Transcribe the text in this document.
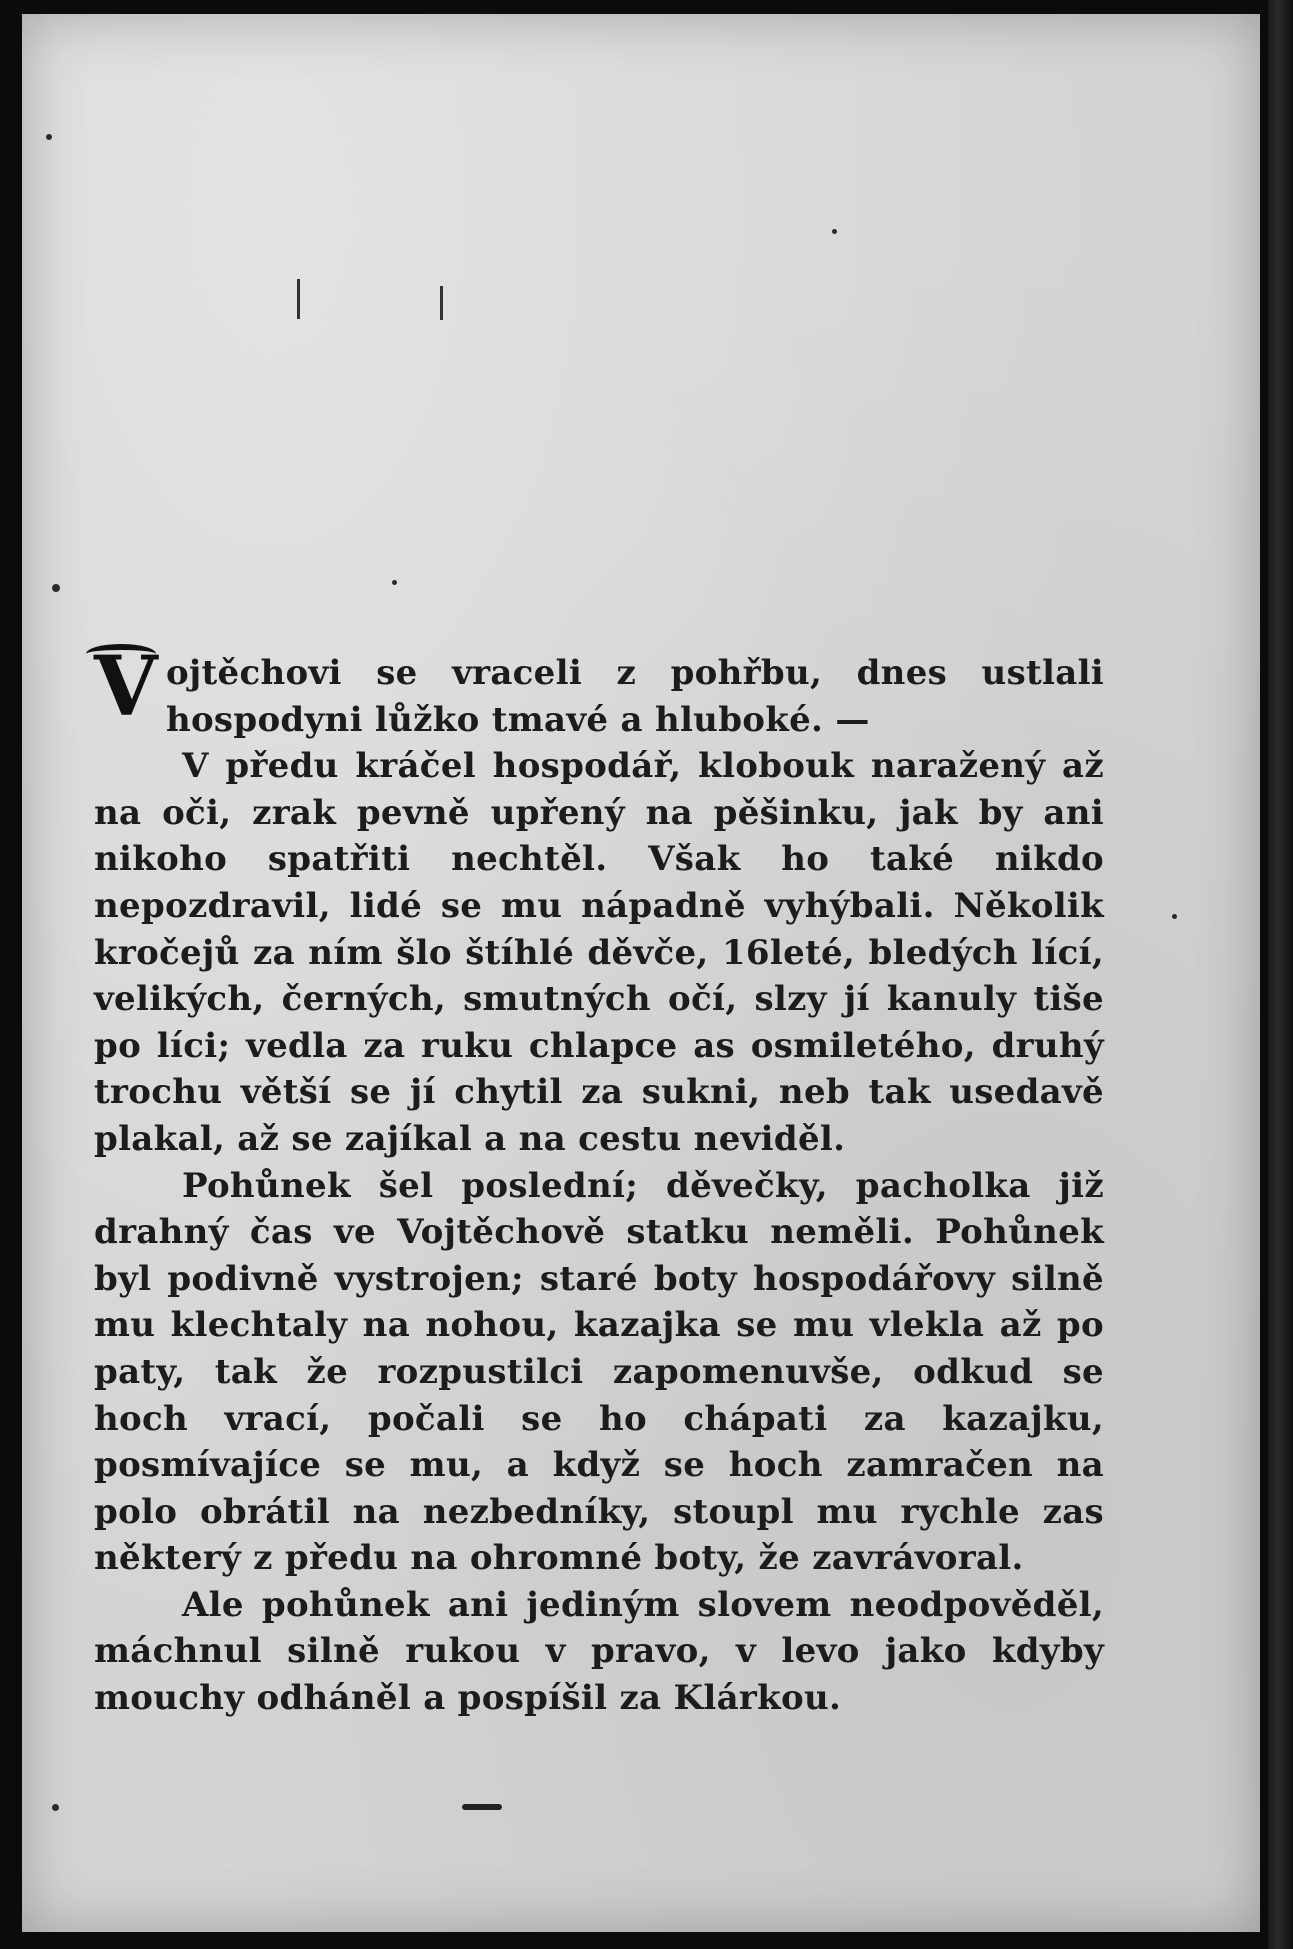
V ojtěchovi se vraceli z pohřbu, dnes ustlali hospodyni lůžko tmavé a hluboké. —

V předu kráčel hospodář, klobouk naražený až na oči, zrak pevně upřený na pěšinku, jak by ani nikoho spatřiti nechtěl. Však ho také nikdo nepozdravil, lidé se mu nápadně vyhýbali. Několik kročejů za ním šlo štíhlé děvče, 16leté, bledých lící, velikých, černých, smutných očí, slzy jí kanuly tiše po líci; vedla za ruku chlapce as osmiletého, druhý trochu větší se jí chytil za sukni, neb tak usedavě plakal, až se zajíkal a na cestu neviděl.

Pohůnek šel poslední; děvečky, pacholka již drahný čas ve Vojtěchově statku neměli. Pohůnek byl podivně vystrojen; staré boty hospodářovy silně mu klechtaly na nohou, kazajka se mu vlekla až po paty, tak že rozpustilci zapomenuvše, odkud se hoch vrací, počali se ho chápati za kazajku, posmívajíce se mu, a když se hoch zamračen na polo obrátil na nezbedníky, stoupl mu rychle zas některý z předu na ohromné boty, že zavrávoral.

Ale pohůnek ani jediným slovem neodpověděl, máchnul silně rukou v pravo, v levo jako kdyby mouchy odháněl a pospíšil za Klárkou.
